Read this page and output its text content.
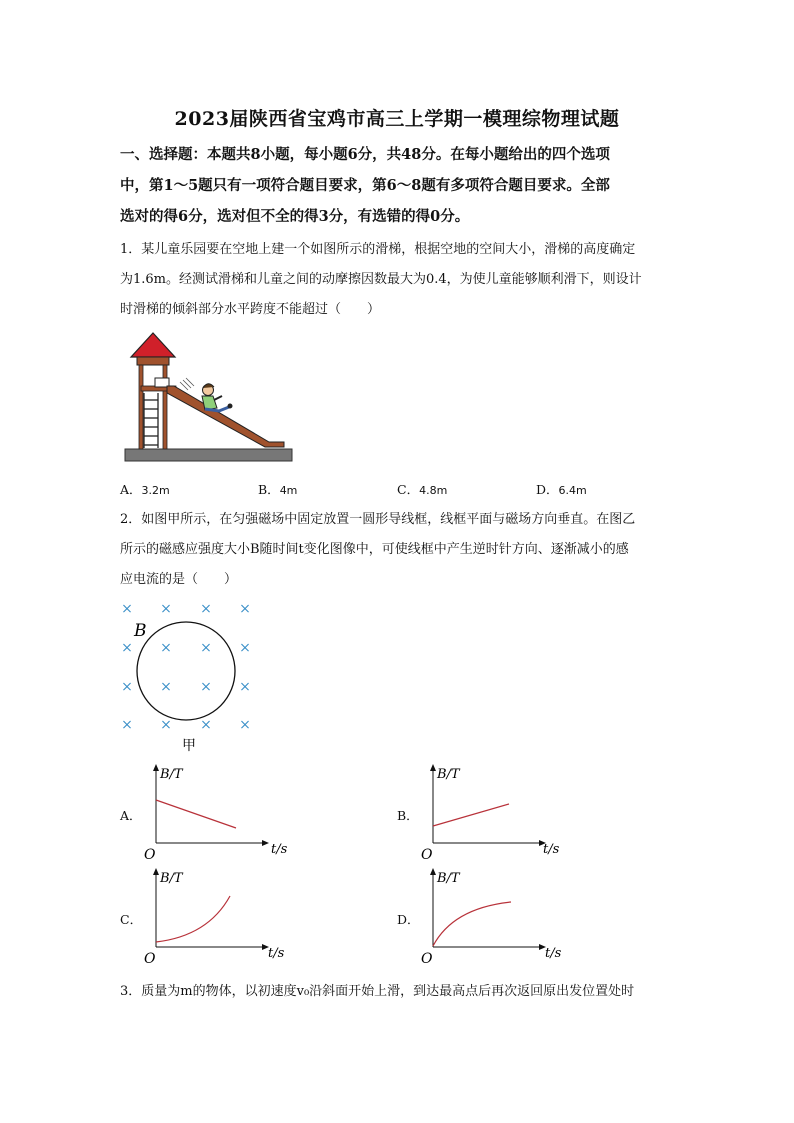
2023届陕西省宝鸡市高三上学期一模理综物理试题
一、选择题：本题共8小题，每小题6分，共48分。在每小题给出的四个选项
中，第1～5题只有一项符合题目要求，第6～8题有多项符合题目要求。全部
选对的得6分，选对但不全的得3分，有选错的得0分。
1．某儿童乐园要在空地上建一个如图所示的滑梯，根据空地的空间大小，滑梯的高度确定
为1.6m。经测试滑梯和儿童之间的动摩擦因数最大为0.4，为使儿童能够顺利滑下，则设计
时滑梯的倾斜部分水平跨度不能超过（　　）
A．3.2m	B．4m	C．4.8m	D．6.4m
2．如图甲所示，在匀强磁场中固定放置一圆形导线框，线框平面与磁场方向垂直。在图乙
所示的磁感应强度大小B随时间t变化图像中，可使线框中产生逆时针方向、逐渐减小的感
应电流的是（　　）
× × × ×
× × × ×
× × × ×
× × × ×
B
甲
A．
B/T
t/s
O
B．
B/T
t/s
O
C．
B/T
t/s
O
D．
B/T
t/s
O
3．质量为m的物体，以初速度v₀沿斜面开始上滑，到达最高点后再次返回原出发位置处时
